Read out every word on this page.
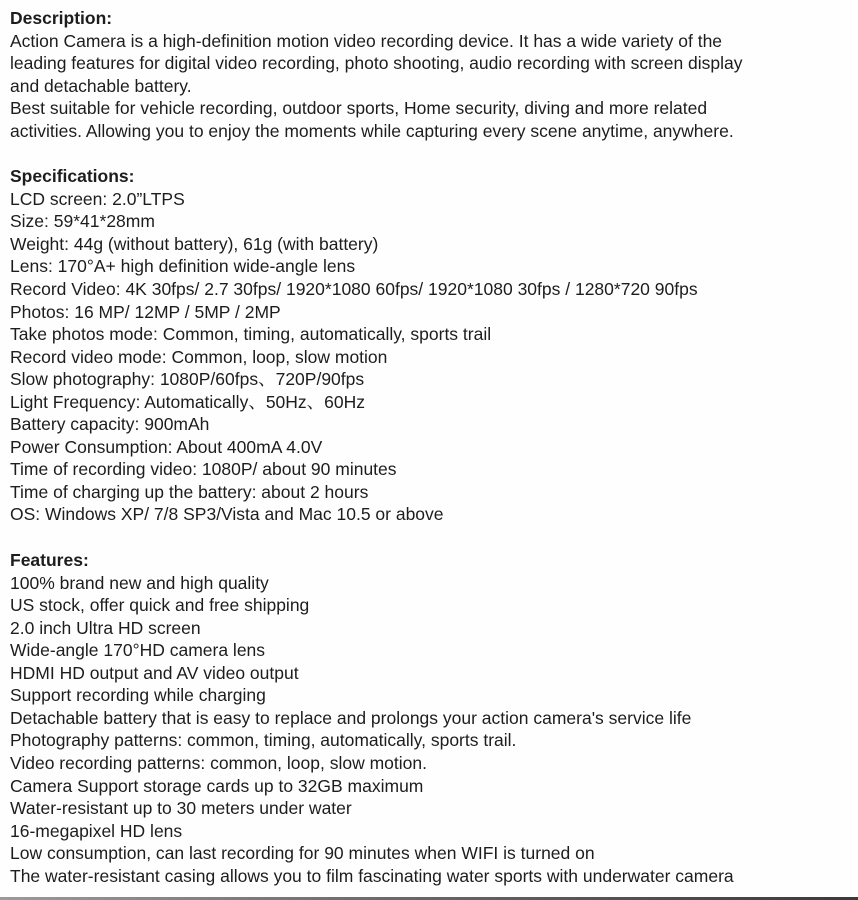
Description:
Action Camera is a high-definition motion video recording device. It has a wide variety of the
leading features for digital video recording, photo shooting, audio recording with screen display
and detachable battery.
Best suitable for vehicle recording, outdoor sports, Home security, diving and more related
activities. Allowing you to enjoy the moments while capturing every scene anytime, anywhere.
Specifications:
LCD screen: 2.0”LTPS
Size: 59*41*28mm
Weight: 44g (without battery), 61g (with battery)
Lens: 170°A+ high definition wide-angle lens
Record Video: 4K 30fps/ 2.7 30fps/ 1920*1080 60fps/ 1920*1080 30fps / 1280*720 90fps
Photos: 16 MP/ 12MP / 5MP / 2MP
Take photos mode: Common, timing, automatically, sports trail
Record video mode: Common, loop, slow motion
Slow photography: 1080P/60fps、720P/90fps
Light Frequency: Automatically、50Hz、60Hz
Battery capacity: 900mAh
Power Consumption: About 400mA 4.0V
Time of recording video: 1080P/ about 90 minutes
Time of charging up the battery: about 2 hours
OS: Windows XP/ 7/8 SP3/Vista and Mac 10.5 or above
Features:
100% brand new and high quality
US stock, offer quick and free shipping
2.0 inch Ultra HD screen
Wide-angle 170°HD camera lens
HDMI HD output and AV video output
Support recording while charging
Detachable battery that is easy to replace and prolongs your action camera's service life
Photography patterns: common, timing, automatically, sports trail.
Video recording patterns: common, loop, slow motion.
Camera Support storage cards up to 32GB maximum
Water-resistant up to 30 meters under water
16-megapixel HD lens
Low consumption, can last recording for 90 minutes when WIFI is turned on
The water-resistant casing allows you to film fascinating water sports with underwater camera
